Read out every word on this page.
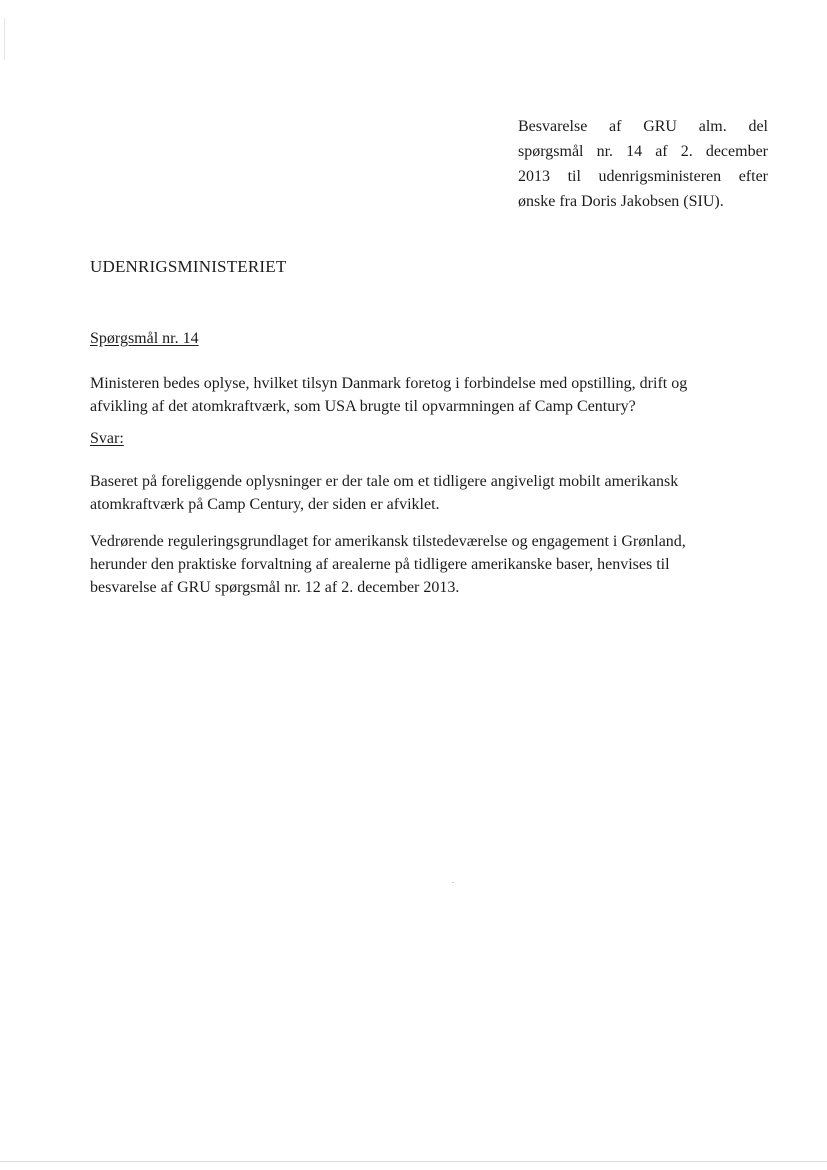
Besvarelse af GRU alm. del
spørgsmål nr. 14 af 2. december
2013 til udenrigsministeren efter
ønske fra Doris Jakobsen (SIU).
UDENRIGSMINISTERIET
Spørgsmål nr. 14
Ministeren bedes oplyse, hvilket tilsyn Danmark foretog i forbindelse med opstilling, drift og
afvikling af det atomkraftværk, som USA brugte til opvarmningen af Camp Century?
Svar:
Baseret på foreliggende oplysninger er der tale om et tidligere angiveligt mobilt amerikansk
atomkraftværk på Camp Century, der siden er afviklet.
Vedrørende reguleringsgrundlaget for amerikansk tilstedeværelse og engagement i Grønland,
herunder den praktiske forvaltning af arealerne på tidligere amerikanske baser, henvises til
besvarelse af GRU spørgsmål nr. 12 af 2. december 2013.
